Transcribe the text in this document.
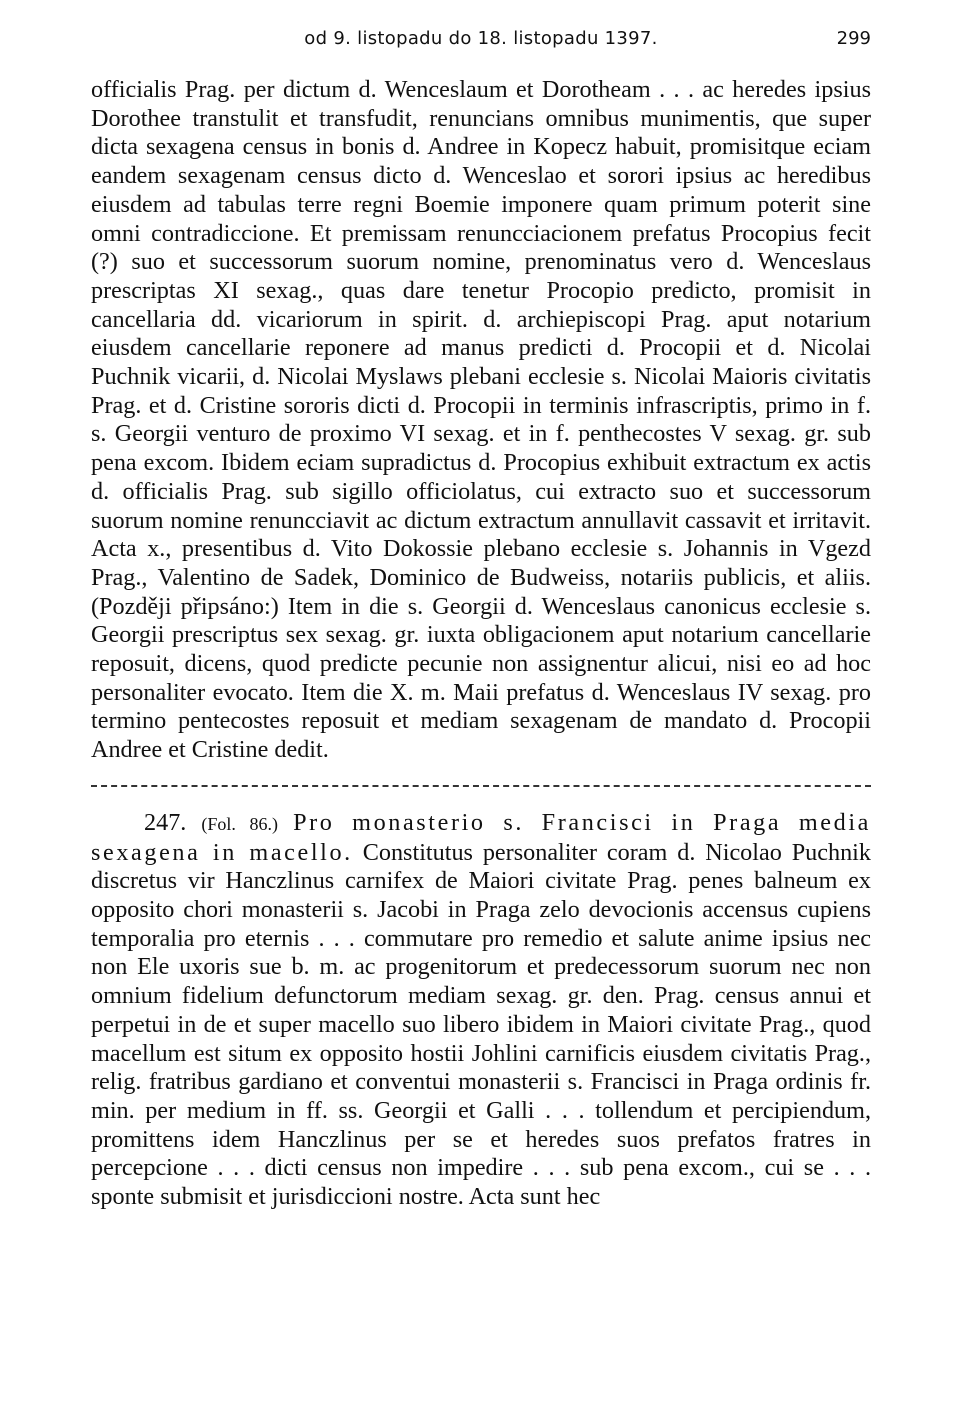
od 9. listopadu do 18. listopadu 1397.	299

officialis Prag. per dictum d. Wenceslaum et Dorotheam . . . ac heredes ipsius Dorothee transtulit et transfudit, renuncians omnibus munimentis, que super dicta sexagena census in bonis d. Andree in Kopecz habuit, promisitque eciam eandem sexagenam census dicto d. Wenceslao et sorori ipsius ac heredibus eiusdem ad tabulas terre regni Boemie imponere quam primum poterit sine omni contradiccione. Et premissam renuncciacionem prefatus Procopius fecit (?) suo et successorum suorum nomine, prenominatus vero d. Wenceslaus prescriptas XI sexag., quas dare tenetur Procopio predicto, promisit in cancellaria dd. vicariorum in spirit. d. archiepiscopi Prag. aput notarium eiusdem cancellarie reponere ad manus predicti d. Procopii et d. Nicolai Puchnik vicarii, d. Nicolai Myslaws plebani ecclesie s. Nicolai Maioris civitatis Prag. et d. Cristine sororis dicti d. Procopii in terminis infrascriptis, primo in f. s. Georgii venturo de proximo VI sexag. et in f. penthecostes V sexag. gr. sub pena excom. Ibidem eciam supradictus d. Procopius exhibuit extractum ex actis d. officialis Prag. sub sigillo officiolatus, cui extracto suo et successorum suorum nomine renuncciavit ac dictum extractum annullavit cassavit et irritavit. Acta x., presentibus d. Vito Dokossie plebano ecclesie s. Johannis in Vgezd Prag., Valentino de Sadek, Dominico de Budweiss, notariis publicis, et aliis. (Později připsáno:) Item in die s. Georgii d. Wenceslaus canonicus ecclesie s. Georgii prescriptus sex sexag. gr. iuxta obligacionem aput notarium cancellarie reposuit, dicens, quod predicte pecunie non assignentur alicui, nisi eo ad hoc personaliter evocato. Item die X. m. Maii prefatus d. Wenceslaus IV sexag. pro termino pentecostes reposuit et mediam sexagenam de mandato d. Procopii Andree et Cristine dedit.

247. (Fol. 86.) Pro monasterio s. Francisci in Praga media sexagena in macello. Constitutus personaliter coram d. Nicolao Puchnik discretus vir Hanczlinus carnifex de Maiori civitate Prag. penes balneum ex opposito chori monasterii s. Jacobi in Praga zelo devocionis accensus cupiens temporalia pro eternis . . . commutare pro remedio et salute anime ipsius nec non Ele uxoris sue b. m. ac progenitorum et predecessorum suorum nec non omnium fidelium defunctorum mediam sexag. gr. den. Prag. census annui et perpetui in de et super macello suo libero ibidem in Maiori civitate Prag., quod macellum est situm ex opposito hostii Johlini carnificis eiusdem civitatis Prag., relig. fratribus gardiano et conventui monasterii s. Francisci in Praga ordinis fr. min. per medium in ff. ss. Georgii et Galli . . . tollendum et percipiendum, promittens idem Hanczlinus per se et heredes suos prefatos fratres in percepcione . . . dicti census non impedire . . . sub pena excom., cui se . . . sponte submisit et jurisdiccioni nostre. Acta sunt hec
